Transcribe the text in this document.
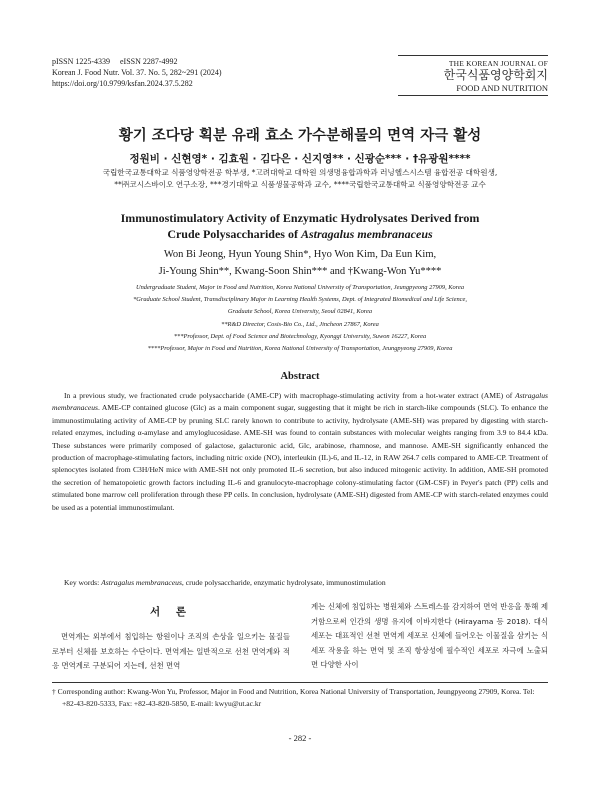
pISSN 1225-4339     eISSN 2287-4992
Korean J. Food Nutr. Vol. 37. No. 5, 282~291 (2024)
https://doi.org/10.9799/ksfan.2024.37.5.282
THE KOREAN JOURNAL OF
한국식품영양학회지
FOOD AND NUTRITION
황기 조다당 획분 유래 효소 가수분해물의 면역 자극 활성
정원비 · 신현영* · 김효원 · 김다은 · 신지영** · 신광순*** · †유광원****
국립한국교통대학교 식품영양학전공 학부생, *고려대학교 대학원 의생명융합과학과 러닝헬스시스템 융합전공 대학원생,
**㈜코시스바이오 연구소장, ***경기대학교 식품생물공학과 교수, ****국립한국교통대학교 식품영양학전공 교수
Immunostimulatory Activity of Enzymatic Hydrolysates Derived from
Crude Polysaccharides of Astragalus membranaceus
Won Bi Jeong, Hyun Young Shin*, Hyo Won Kim, Da Eun Kim,
Ji-Young Shin**, Kwang-Soon Shin*** and †Kwang-Won Yu****
Undergraduate Student, Major in Food and Nutrition, Korea National University of Transportation, Jeungpyeong 27909, Korea
*Graduate School Student, Transdisciplinary Major in Learning Health Systems, Dept. of Integrated Biomedical and Life Science,
Graduate School, Korea University, Seoul 02841, Korea
**R&D Director, Cosis-Bio Co., Ltd., Jincheon 27867, Korea
***Professor, Dept. of Food Science and Biotechnology, Kyonggi University, Suwon 16227, Korea
****Professor, Major in Food and Nutrition, Korea National University of Transportation, Jeungpyeong 27909, Korea
Abstract
In a previous study, we fractionated crude polysaccharide (AME-CP) with macrophage-stimulating activity from a hot-water extract (AME) of Astragalus membranaceus. AME-CP contained glucose (Glc) as a main component sugar, suggesting that it might be rich in starch-like compounds (SLC). To enhance the immunostimulating activity of AME-CP by pruning SLC rarely known to contribute to activity, hydrolysate (AME-SH) was prepared by digesting with starch-related enzymes, including α-amylase and amyloglucosidase. AME-SH was found to contain substances with molecular weights ranging from 3.9 to 84.4 kDa. These substances were primarily composed of galactose, galacturonic acid, Glc, arabinose, rhamnose, and mannose. AME-SH significantly enhanced the production of macrophage-stimulating factors, including nitric oxide (NO), interleukin (IL)-6, and IL-12, in RAW 264.7 cells compared to AME-CP. Treatment of splenocytes isolated from C3H/HeN mice with AME-SH not only promoted IL-6 secretion, but also induced mitogenic activity. In addition, AME-SH promoted the secretion of hematopoietic growth factors including IL-6 and granulocyte-macrophage colony-stimulating factor (GM-CSF) in Peyer's patch (PP) cells and stimulated bone marrow cell proliferation through these PP cells. In conclusion, hydrolysate (AME-SH) digested from AME-CP with starch-related enzymes could be used as a potential immunostimulant.
Key words: Astragalus membranaceus, crude polysaccharide, enzymatic hydrolysate, immunostimulation
서 론
면역계는 외부에서 침입하는 항원이나 조직의 손상을 일으키는 물질들로부터 신체를 보호하는 수단이다. 면역계는 일반적으로 선천 면역계와 적응 면역계로 구분되어 지는데, 선천 면역
계는 신체에 침입하는 병원체와 스트레스를 감지하여 면역 반응을 통해 제거함으로써 인간의 생명 유지에 이바지한다 (Hirayama 등 2018). 대식세포는 대표적인 선천 면역계 세포로 신체에 들어오는 이물질을 삼키는 식세포 작용을 하는 면역 및 조직 항상성에 필수적인 세포로 자극에 노출되면 다양한 사이
† Corresponding author: Kwang-Won Yu, Professor, Major in Food and Nutrition, Korea National University of Transportation, Jeungpyeong 27909, Korea. Tel: +82-43-820-5333, Fax: +82-43-820-5850, E-mail: kwyu@ut.ac.kr
- 282 -
